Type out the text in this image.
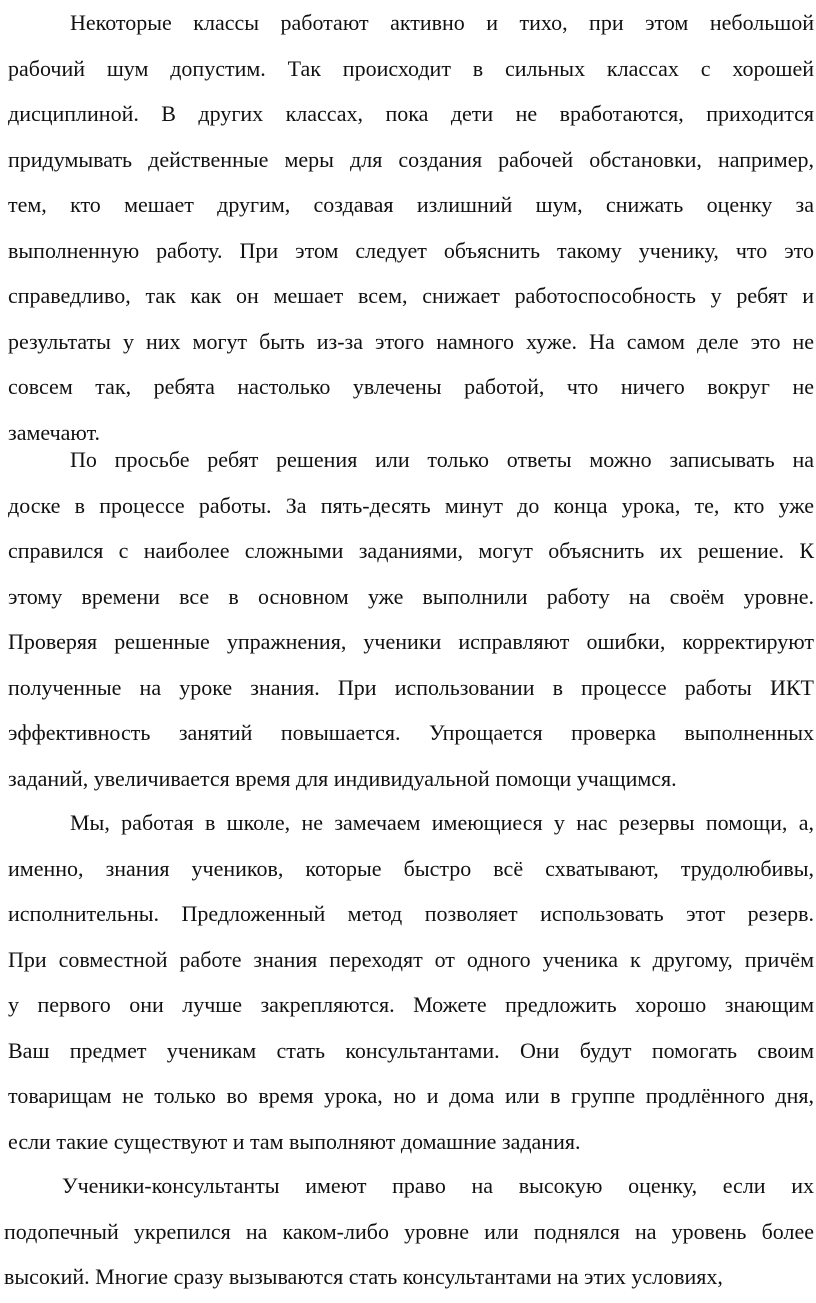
Некоторые классы работают активно и тихо, при этом небольшой
рабочий шум допустим. Так происходит в сильных классах с хорошей
дисциплиной. В других классах, пока дети не вработаются, приходится
придумывать действенные меры для создания рабочей обстановки, например,
тем, кто мешает другим, создавая излишний шум, снижать оценку за
выполненную работу. При этом следует объяснить такому ученику, что это
справедливо, так как он мешает всем, снижает работоспособность у ребят и
результаты у них могут быть из-за этого намного хуже. На самом деле это не
совсем так, ребята настолько увлечены работой, что ничего вокруг не
замечают.
По просьбе ребят решения или только ответы можно записывать на
доске в процессе работы. За пять-десять минут до конца урока, те, кто уже
справился с наиболее сложными заданиями, могут объяснить их решение. К
этому времени все в основном уже выполнили работу на своём уровне.
Проверяя решенные упражнения, ученики исправляют ошибки, корректируют
полученные на уроке знания. При использовании в процессе работы ИКТ
эффективность занятий повышается. Упрощается проверка выполненных
заданий, увеличивается время для индивидуальной помощи учащимся.
Мы, работая в школе, не замечаем имеющиеся у нас резервы помощи, а,
именно, знания учеников, которые быстро всё схватывают, трудолюбивы,
исполнительны. Предложенный метод позволяет использовать этот резерв.
При совместной работе знания переходят от одного ученика к другому, причём
у первого они лучше закрепляются. Можете предложить хорошо знающим
Ваш предмет ученикам стать консультантами. Они будут помогать своим
товарищам не только во время урока, но и дома или в группе продлённого дня,
если такие существуют и там выполняют домашние задания.
Ученики-консультанты имеют право на высокую оценку, если их
подопечный укрепился на каком-либо уровне или поднялся на уровень более
высокий. Многие сразу вызываются стать консультантами на этих условиях,
